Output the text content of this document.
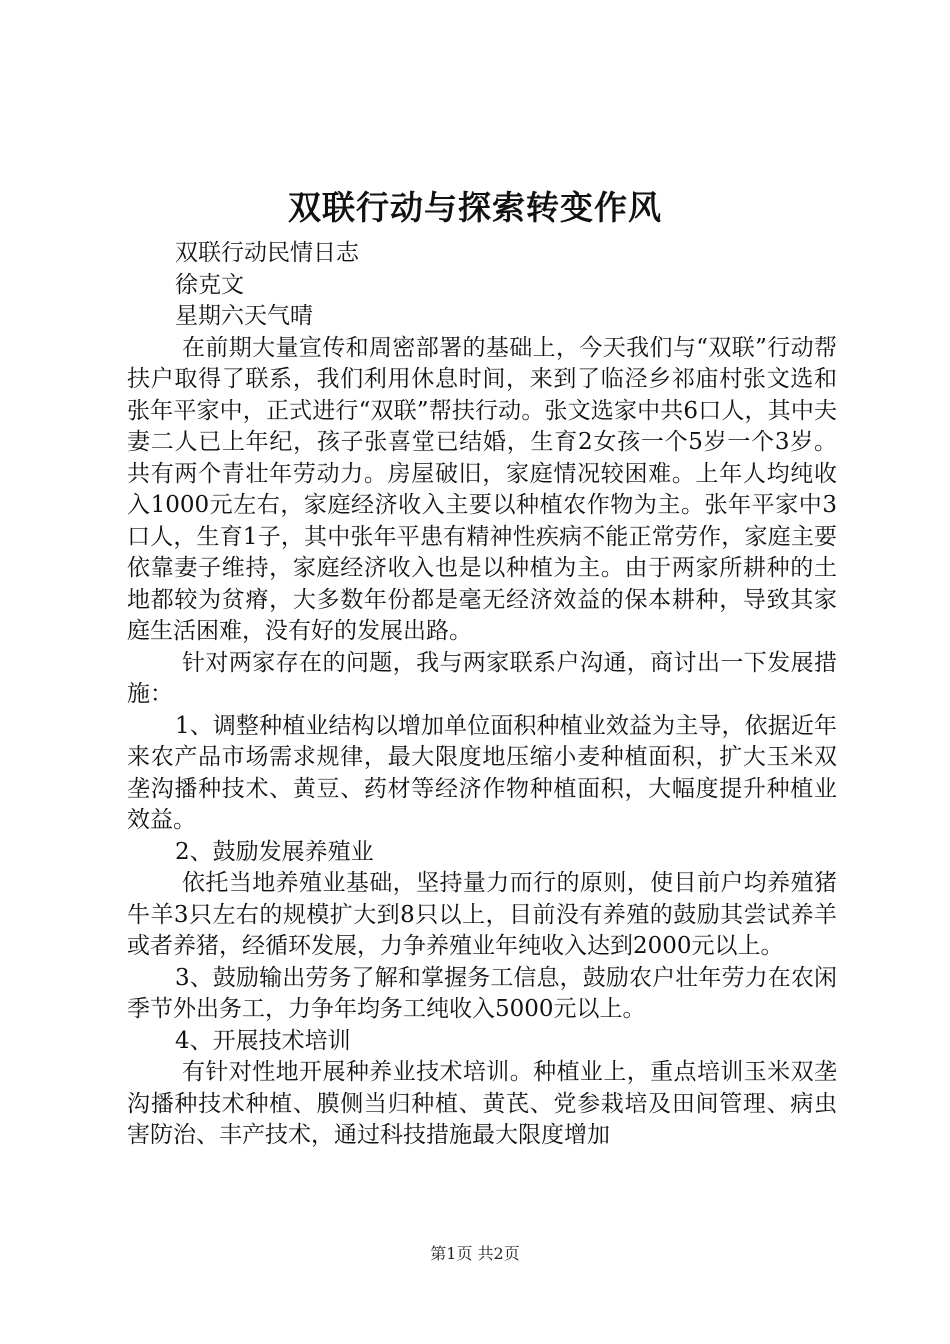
双联行动与探索转变作风

双联行动民情日志

徐克文

星期六天气晴

在前期大量宣传和周密部署的基础上，今天我们与“双联”行动帮扶户取得了联系，我们利用休息时间，来到了临泾乡祁庙村张文选和张年平家中，正式进行“双联”帮扶行动。张文选家中共6口人，其中夫妻二人已上年纪，孩子张喜堂已结婚，生育2女孩一个5岁一个3岁。共有两个青壮年劳动力。房屋破旧，家庭情况较困难。上年人均纯收入1000元左右，家庭经济收入主要以种植农作物为主。张年平家中3口人，生育1子，其中张年平患有精神性疾病不能正常劳作，家庭主要依靠妻子维持，家庭经济收入也是以种植为主。由于两家所耕种的土地都较为贫瘠，大多数年份都是毫无经济效益的保本耕种，导致其家庭生活困难，没有好的发展出路。

针对两家存在的问题，我与两家联系户沟通，商讨出一下发展措施：

1、调整种植业结构以增加单位面积种植业效益为主导，依据近年来农产品市场需求规律，最大限度地压缩小麦种植面积，扩大玉米双垄沟播种技术、黄豆、药材等经济作物种植面积，大幅度提升种植业效益。

2、鼓励发展养殖业

依托当地养殖业基础，坚持量力而行的原则，使目前户均养殖猪牛羊3只左右的规模扩大到8只以上，目前没有养殖的鼓励其尝试养羊或者养猪，经循环发展，力争养殖业年纯收入达到2000元以上。

3、鼓励输出劳务了解和掌握务工信息，鼓励农户壮年劳力在农闲季节外出务工，力争年均务工纯收入5000元以上。

4、开展技术培训

有针对性地开展种养业技术培训。种植业上，重点培训玉米双垄沟播种技术种植、膜侧当归种植、黄芪、党参栽培及田间管理、病虫害防治、丰产技术，通过科技措施最大限度增加

第1页 共2页
